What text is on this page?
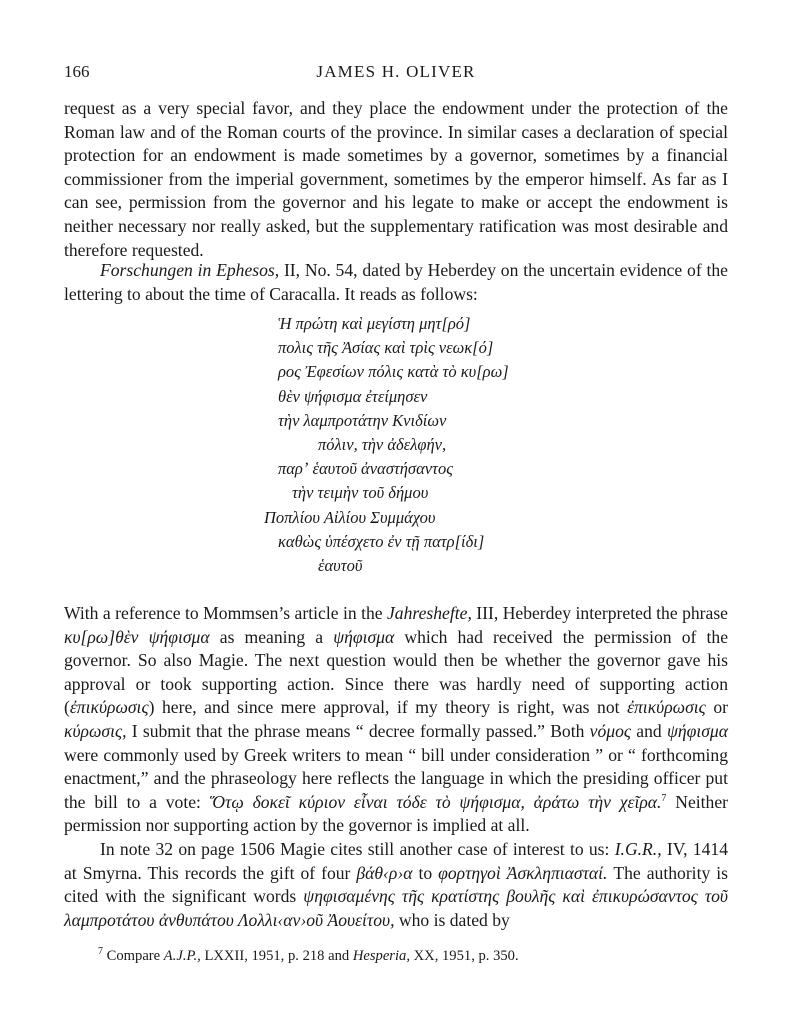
166	JAMES H. OLIVER
request as a very special favor, and they place the endowment under the protection of the Roman law and of the Roman courts of the province. In similar cases a declaration of special protection for an endowment is made sometimes by a governor, sometimes by a financial commissioner from the imperial government, sometimes by the emperor himself. As far as I can see, permission from the governor and his legate to make or accept the endowment is neither necessary nor really asked, but the supplementary ratification was most desirable and therefore requested.
Forschungen in Ephesos, II, No. 54, dated by Heberdey on the uncertain evidence of the lettering to about the time of Caracalla. It reads as follows:
Ἡ πρώτη καὶ μεγίστη μητ[ρό]
πολις τῆς Ἀσίας καὶ τρὶς νεωκ[ό]
ρος Ἐφεσίων πόλις κατὰ τὸ κυ[ρω]
θὲν ψήφισμα ἐτείμησεν
τὴν λαμπροτάτην Κνιδίων
πόλιν, τὴν ἀδελφήν,
παρʼ ἑαυτοῦ ἀναστήσαντος
τὴν τειμὴν τοῦ δήμου
Ποπλίου Αἰλίου Συμμάχου
καθὼς ὑπέσχετο ἐν τῇ πατρ[ίδι]
ἑαυτοῦ
With a reference to Mommsen’s article in the Jahreshefte, III, Heberdey interpreted the phrase κυ[ρω]θὲν ψήφισμα as meaning a ψήφισμα which had received the permission of the governor. So also Magie. The next question would then be whether the governor gave his approval or took supporting action. Since there was hardly need of supporting action (ἐπικύρωσις) here, and since mere approval, if my theory is right, was not ἐπικύρωσις or κύρωσις, I submit that the phrase means “ decree formally passed.” Both νόμος and ψήφισμα were commonly used by Greek writers to mean “ bill under consideration ” or “ forthcoming enactment,” and the phraseology here reflects the language in which the presiding officer put the bill to a vote: Ὅτῳ δοκεῖ κύριον εἶναι τόδε τὸ ψήφισμα, ἀράτω τὴν χεῖρα.$^7$ Neither permission nor supporting action by the governor is implied at all.
In note 32 on page 1506 Magie cites still another case of interest to us: I.G.R., IV, 1414 at Smyrna. This records the gift of four βάθ‹ρ›α to φορτηγοὶ Ἀσκληπιασταί. The authority is cited with the significant words ψηφισαμένης τῆς κρατίστης βουλῆς καὶ ἐπικυρώσαντος τοῦ λαμπροτάτου ἀνθυπάτου Λολλι‹αν›οῦ Ἀουείτου, who is dated by
$^7$ Compare A.J.P., LXXII, 1951, p. 218 and Hesperia, XX, 1951, p. 350.
